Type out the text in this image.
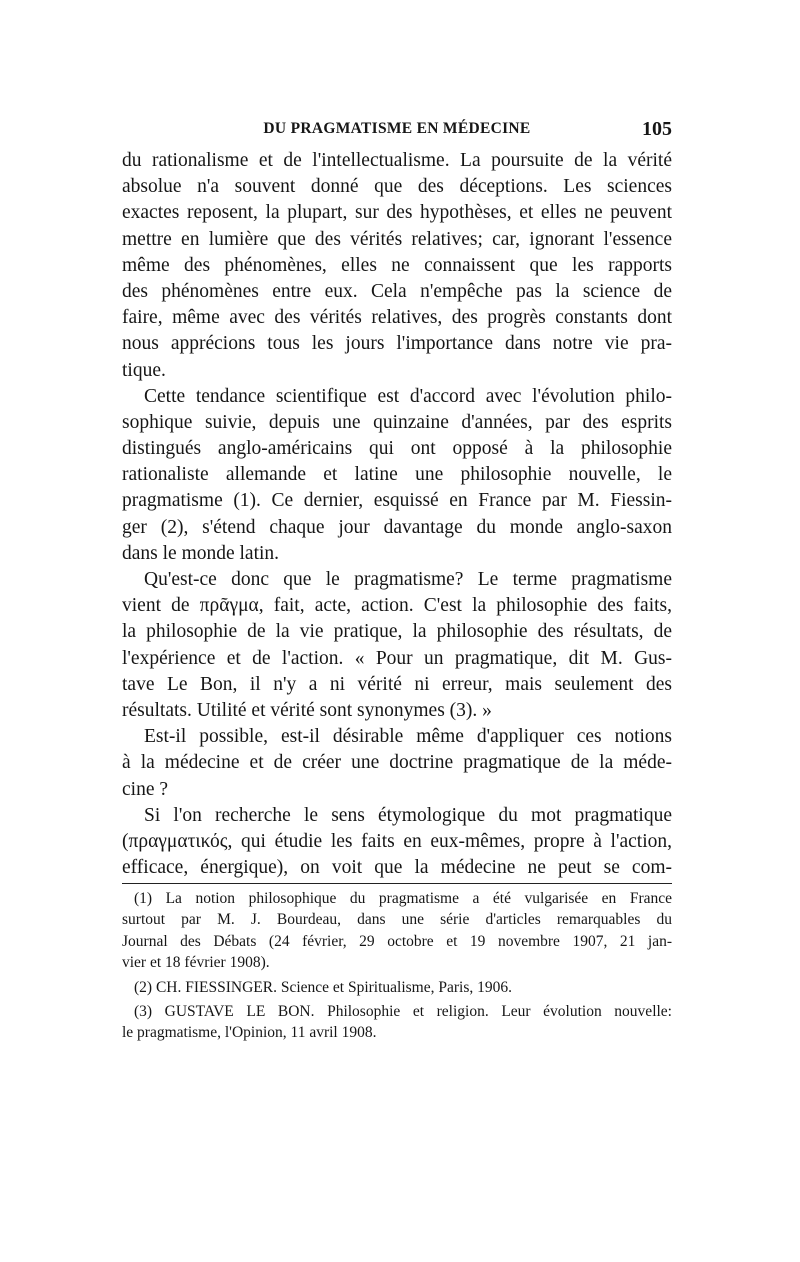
DU PRAGMATISME EN MÉDECINE	105
du rationalisme et de l'intellectualisme. La poursuite de la vérité
absolue n'a souvent donné que des déceptions. Les sciences
exactes reposent, la plupart, sur des hypothèses, et elles ne peuvent
mettre en lumière que des vérités relatives; car, ignorant l'essence
même des phénomènes, elles ne connaissent que les rapports
des phénomènes entre eux. Cela n'empêche pas la science de
faire, même avec des vérités relatives, des progrès constants dont
nous apprécions tous les jours l'importance dans notre vie pra-
tique.
Cette tendance scientifique est d'accord avec l'évolution philo-
sophique suivie, depuis une quinzaine d'années, par des esprits
distingués anglo-américains qui ont opposé à la philosophie
rationaliste allemande et latine une philosophie nouvelle, le
pragmatisme (1). Ce dernier, esquissé en France par M. Fiessin-
ger (2), s'étend chaque jour davantage du monde anglo-saxon
dans le monde latin.
Qu'est-ce donc que le pragmatisme? Le terme pragmatisme
vient de πρᾶγμα, fait, acte, action. C'est la philosophie des faits,
la philosophie de la vie pratique, la philosophie des résultats, de
l'expérience et de l'action. « Pour un pragmatique, dit M. Gus-
tave Le Bon, il n'y a ni vérité ni erreur, mais seulement des
résultats. Utilité et vérité sont synonymes (3). »
Est-il possible, est-il désirable même d'appliquer ces notions
à la médecine et de créer une doctrine pragmatique de la méde-
cine ?
Si l'on recherche le sens étymologique du mot pragmatique
(πραγματικός, qui étudie les faits en eux-mêmes, propre à l'action,
efficace, énergique), on voit que la médecine ne peut se com-
(1) La notion philosophique du pragmatisme a été vulgarisée en France
surtout par M. J. Bourdeau, dans une série d'articles remarquables du
Journal des Débats (24 février, 29 octobre et 19 novembre 1907, 21 jan-
vier et 18 février 1908).
(2) CH. FIESSINGER. Science et Spiritualisme, Paris, 1906.
(3) GUSTAVE LE BON. Philosophie et religion. Leur évolution nouvelle:
le pragmatisme, l'Opinion, 11 avril 1908.
